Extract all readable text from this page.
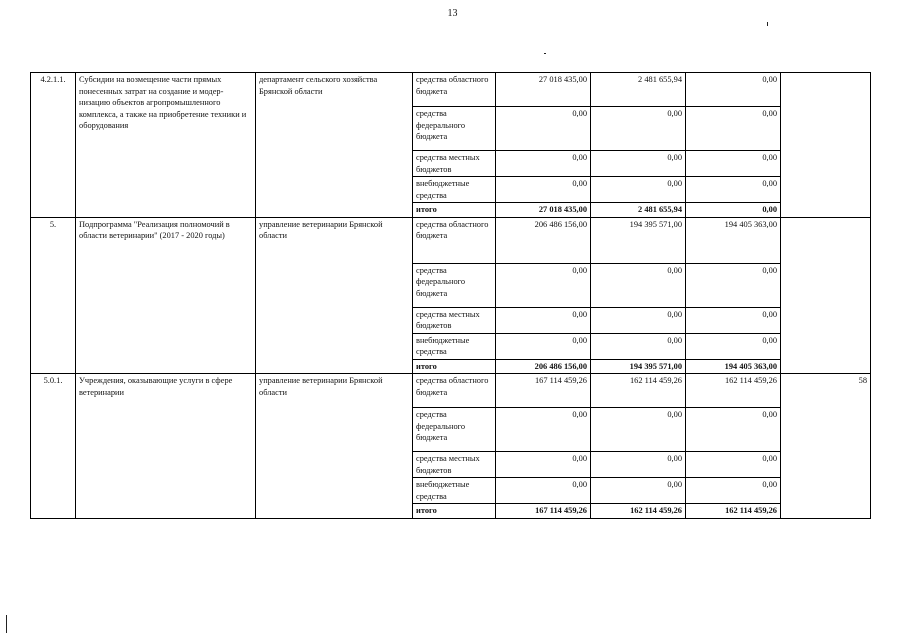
13
4.2.1.1.	Субсидии на возмещение части прямых понесенных затрат на создание и модер-низацию объектов агропромышленного комплекса, а также на приобретение техники и оборудования	департамент сельского хозяйства Брянской области	средства областного бюджета	27 018 435,00	2 481 655,94	0,00	
			средства федерального бюджета	0,00	0,00	0,00	
			средства местных бюджетов	0,00	0,00	0,00	
			внебюджетные средства	0,00	0,00	0,00	
			итого	27 018 435,00	2 481 655,94	0,00	
5.	Подпрограмма "Реализация полномочий в области ветеринарии" (2017 - 2020 годы)	управление ветеринарии Брянской области	средства областного бюджета	206 486 156,00	194 395 571,00	194 405 363,00	
			средства федерального бюджета	0,00	0,00	0,00	
			средства местных бюджетов	0,00	0,00	0,00	
			внебюджетные средства	0,00	0,00	0,00	
			итого	206 486 156,00	194 395 571,00	194 405 363,00	
5.0.1.	Учреждения, оказывающие услуги в сфере ветеринарии	управление ветеринарии Брянской области	средства областного бюджета	167 114 459,26	162 114 459,26	162 114 459,26	58
			средства федерального бюджета	0,00	0,00	0,00	
			средства местных бюджетов	0,00	0,00	0,00	
			внебюджетные средства	0,00	0,00	0,00	
			итого	167 114 459,26	162 114 459,26	162 114 459,26	
